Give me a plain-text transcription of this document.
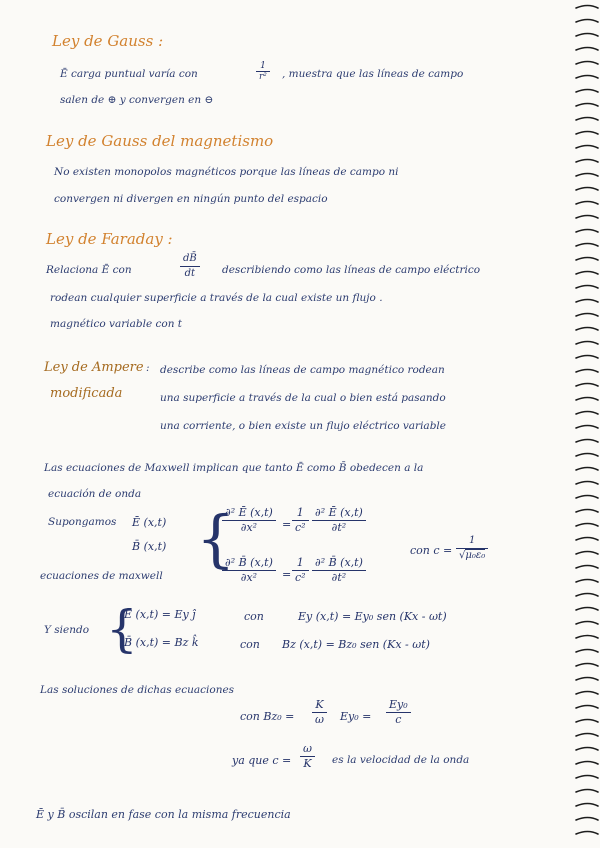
Ley de Gauss :
Ē carga puntual varía con	$\frac{1}{\text{r²}}$ , muestra que las líneas de campo
salen de ⊕ y convergen en ⊖
Ley de Gauss del magnetismo
No existen monopolos magnéticos porque las líneas de campo ni
convergen ni divergen en ningún punto del espacio
Ley de Faraday :
Relaciona Ē con	$\frac{dB̄}{dt}$ describiendo como las líneas de campo eléctrico
rodean cualquier superficie a través de la cual existe un flujo .
magnético variable con t
Ley de Ampere
modificada
: describe como las líneas de campo magnético rodean
una superficie a través de la cual o bien está pasando
una corriente, o bien existe un flujo eléctrico variable
Las ecuaciones de Maxwell implican que tanto Ē como B̄ obedecen a la
ecuación de onda
Supongamos Ē (x,t)
B̄ (x,t)
ecuaciones de maxwell
{
$\frac{\text{∂² Ē (x,t)}}{\text{∂x²}} = \frac{1}{\text{c²}} \frac{\text{∂² Ē (x,t)}}{\text{∂t²}}$
$\frac{\text{∂² B̄ (x,t)}}{\text{∂x²}} = \frac{1}{\text{c²}} \frac{\text{∂² B̄ (x,t)}}{\text{∂t²}}$
con $c = \frac{1}{\text{√μ₀ε₀}}$
Y siendo {
Ē (x,t) = Ey ĵ
B̄ (x,t) = Bz k̂
con	Ey (x,t) = Ey₀ sen (Kx - ωt)
con Bz (x,t) = Bz₀ sen (Kx - ωt)
Las soluciones de dichas ecuaciones
con $Bz_0 = \frac{K}{\omega} Ey_0 = \frac{\text{Ey₀}}{c}$
ya que $c = \frac{\omega}{K}$ es la velocidad de la onda
Ē y B̄ oscilan en fase con la misma frecuencia
